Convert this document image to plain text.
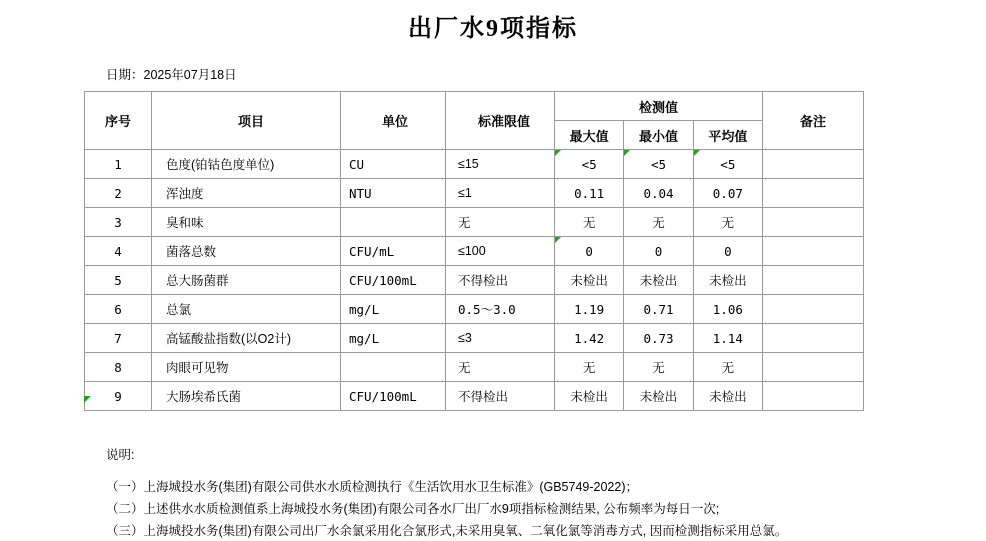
出厂水9项指标
日期：2025年07月18日
序号	项目	单位	标准限值	检测值			备注
				最大值	最小值	平均值	
1	色度(铂钴色度单位)	CU	≤15	<5	<5	<5	
2	浑浊度	NTU	≤1	0.11	0.04	0.07	
3	臭和味		无	无	无	无	
4	菌落总数	CFU/mL	≤100	0	0	0	
5	总大肠菌群	CFU/100mL	不得检出	未检出	未检出	未检出	
6	总氯	mg/L	0.5～3.0	1.19	0.71	1.06	
7	高锰酸盐指数(以O2计)	mg/L	≤3	1.42	0.73	1.14	
8	肉眼可见物		无	无	无	无	
9	大肠埃希氏菌	CFU/100mL	不得检出	未检出	未检出	未检出	
说明:
（一）上海城投水务(集团)有限公司供水水质检测执行《生活饮用水卫生标准》(GB5749-2022)；
（二）上述供水水质检测值系上海城投水务(集团)有限公司各水厂出厂水9项指标检测结果, 公布频率为每日一次;
（三）上海城投水务(集团)有限公司出厂水余氯采用化合氯形式,未采用臭氧、二氧化氯等消毒方式, 因而检测指标采用总氯。
